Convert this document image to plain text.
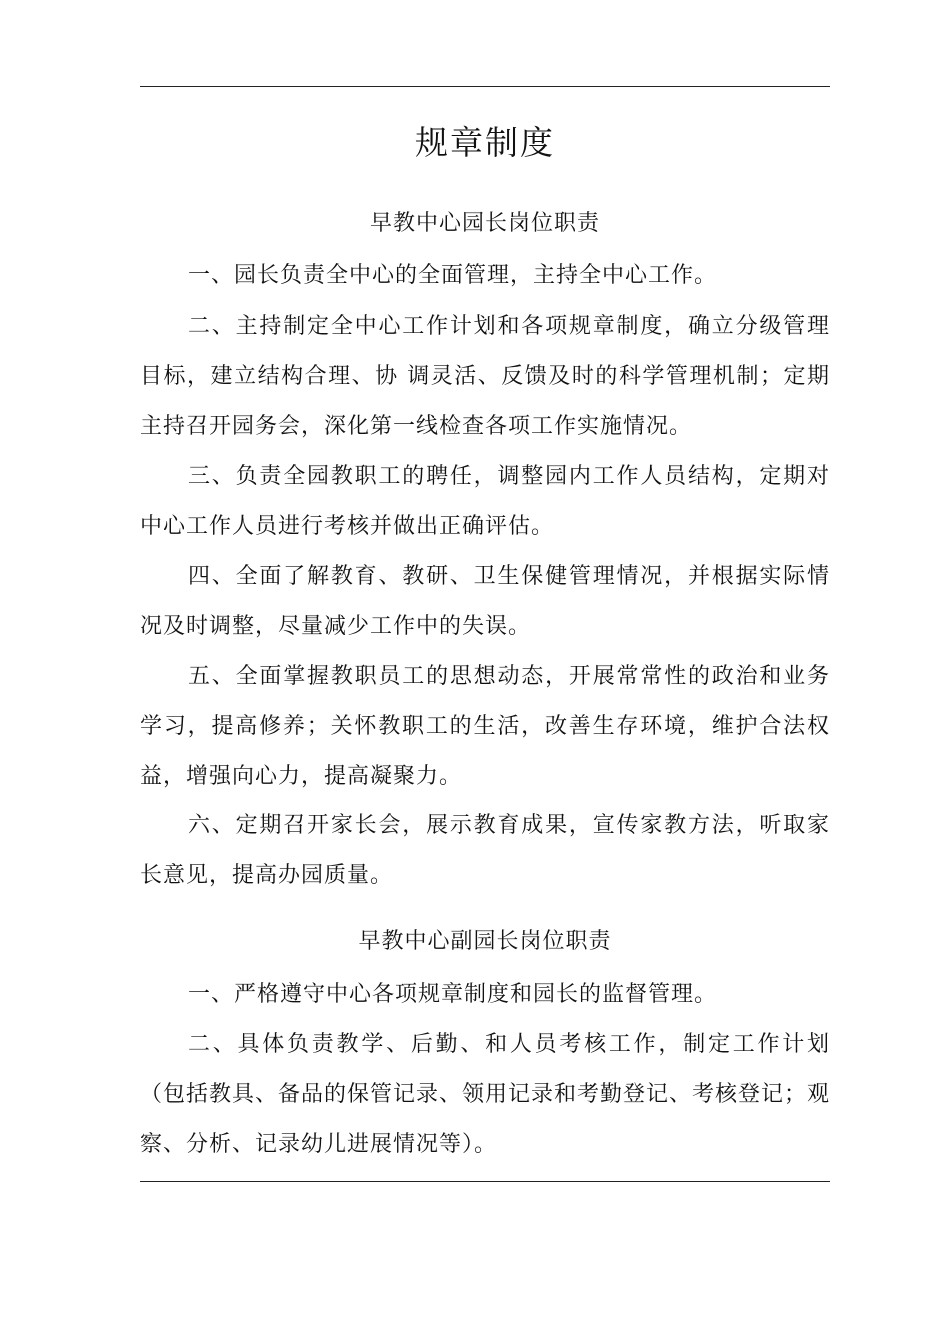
规章制度
早教中心园长岗位职责

一、园长负责全中心的全面管理，主持全中心工作。

二、主持制定全中心工作计划和各项规章制度，确立分级管理目标，建立结构合理、协 调灵活、反馈及时的科学管理机制；定期主持召开园务会，深化第一线检查各项工作实施情况。

三、负责全园教职工的聘任，调整园内工作人员结构，定期对中心工作人员进行考核并做出正确评估。

四、全面了解教育、教研、卫生保健管理情况，并根据实际情况及时调整，尽量减少工作中的失误。

五、全面掌握教职员工的思想动态，开展常常性的政治和业务学习，提高修养；关怀教职工的生活，改善生存环境，维护合法权益，增强向心力，提高凝聚力。

六、定期召开家长会，展示教育成果，宣传家教方法，听取家长意见，提高办园质量。

早教中心副园长岗位职责

一、严格遵守中心各项规章制度和园长的监督管理。

二、具体负责教学、后勤、和人员考核工作，制定工作计划（包括教具、备品的保管记录、领用记录和考勤登记、考核登记；观察、分析、记录幼儿进展情况等）。
